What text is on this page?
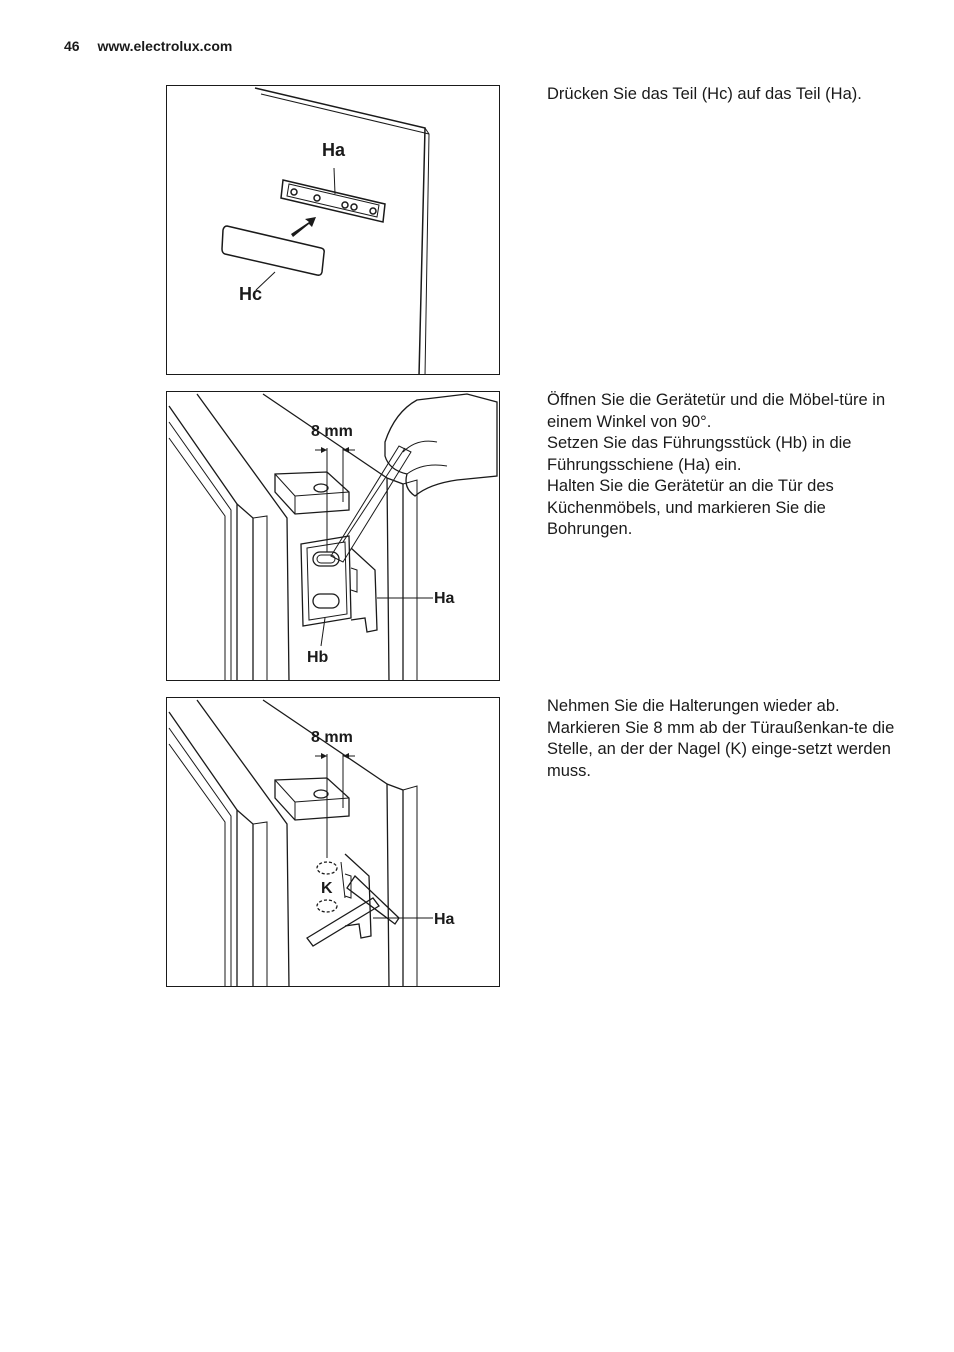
46 www.electrolux.com
Ha
Hc

Drücken Sie das Teil (Hc) auf das Teil (Ha).

8 mm
Ha
Hb

Öffnen Sie die Gerätetür und die Möbel-türe in einem Winkel von 90°.

Setzen Sie das Führungsstück (Hb) in die Führungsschiene (Ha) ein.

Halten Sie die Gerätetür an die Tür des Küchenmöbels, und markieren Sie die Bohrungen.

8 mm
K
Ha

Nehmen Sie die Halterungen wieder ab.

Markieren Sie 8 mm ab der Türaußenkan-te die Stelle, an der der Nagel (K) einge-setzt werden muss.
